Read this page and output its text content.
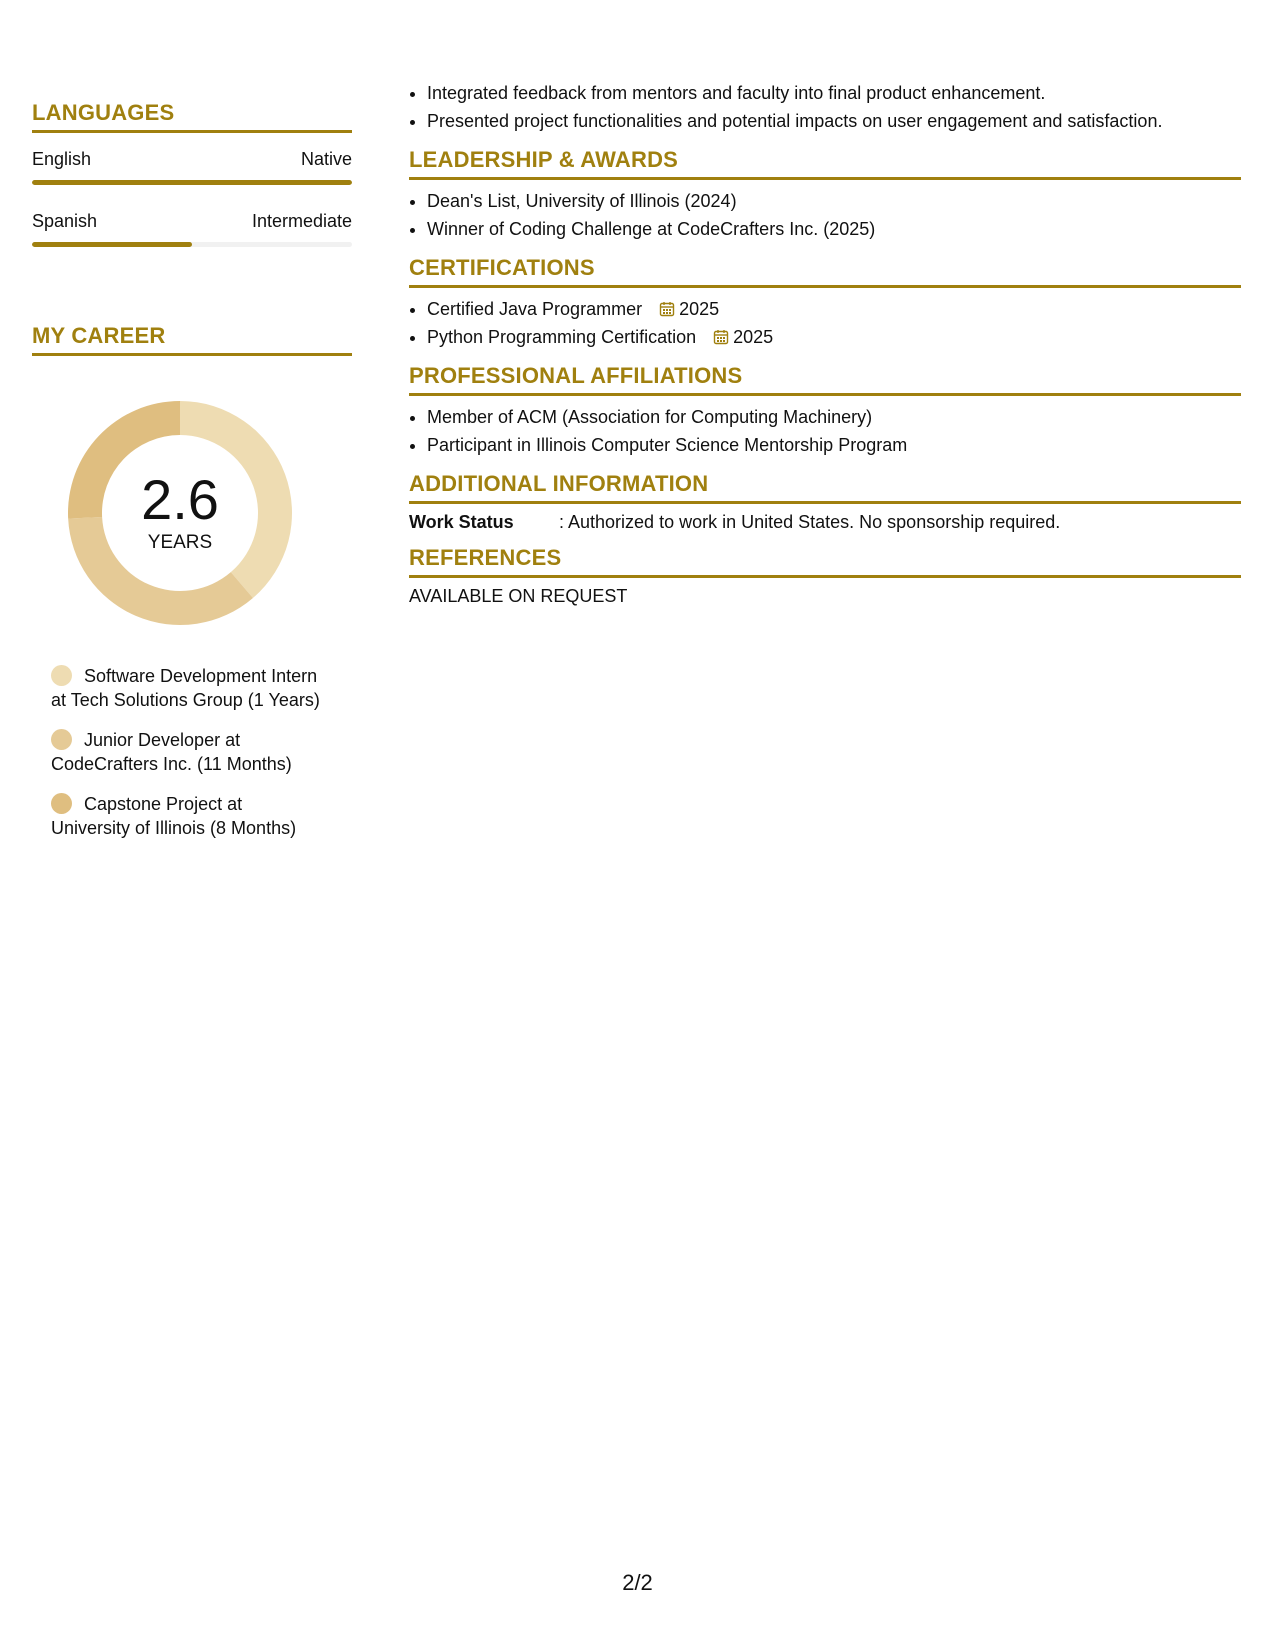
LANGUAGES
English	Native
Spanish	Intermediate
MY CAREER
2.6
YEARS
Software Development Intern at Tech Solutions Group (1 Years)
Junior Developer at CodeCrafters Inc. (11 Months)
Capstone Project at University of Illinois (8 Months)
• Integrated feedback from mentors and faculty into final product enhancement.
• Presented project functionalities and potential impacts on user engagement and satisfaction.
LEADERSHIP & AWARDS
• Dean's List, University of Illinois (2024)
• Winner of Coding Challenge at CodeCrafters Inc. (2025)
CERTIFICATIONS
• Certified Java Programmer 2025
• Python Programming Certification 2025
PROFESSIONAL AFFILIATIONS
• Member of ACM (Association for Computing Machinery)
• Participant in Illinois Computer Science Mentorship Program
ADDITIONAL INFORMATION
Work Status	: Authorized to work in United States. No sponsorship required.
REFERENCES
AVAILABLE ON REQUEST
2/2
